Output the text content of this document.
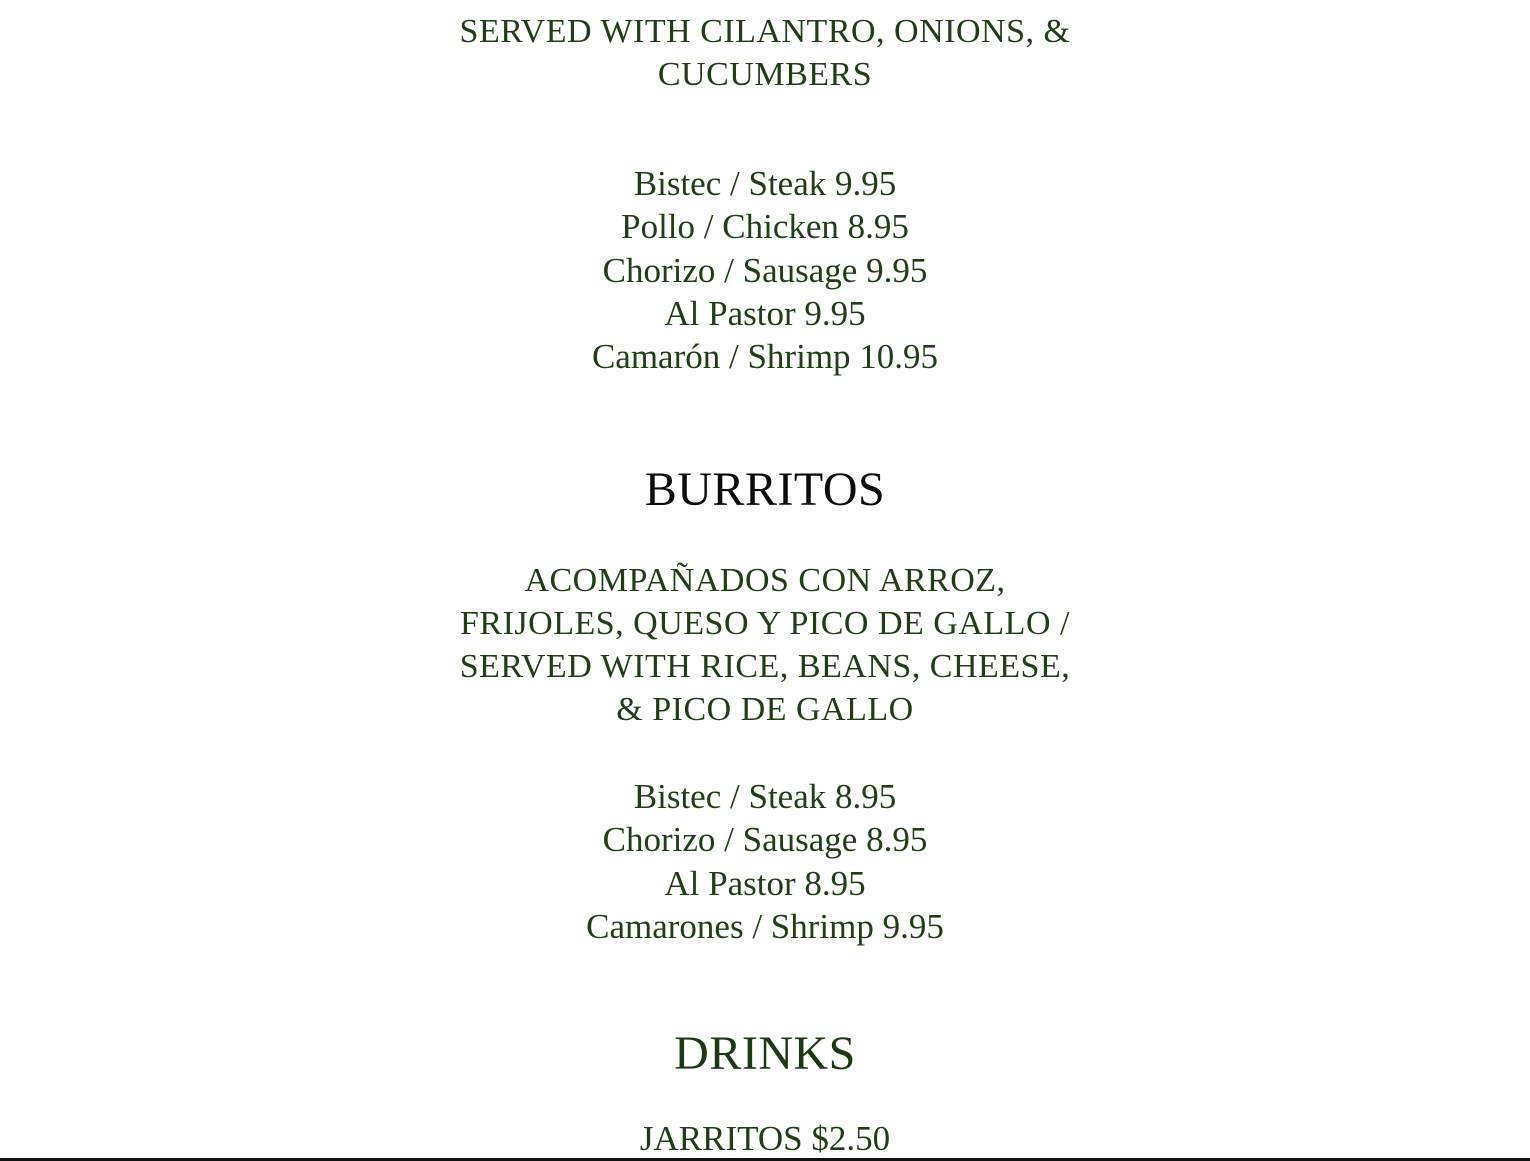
SERVED WITH CILANTRO, ONIONS, &
CUCUMBERS
Bistec / Steak 9.95
Pollo / Chicken 8.95
Chorizo / Sausage 9.95
Al Pastor 9.95
Camarón / Shrimp 10.95
BURRITOS
ACOMPAÑADOS CON ARROZ,
FRIJOLES, QUESO Y PICO DE GALLO /
SERVED WITH RICE, BEANS, CHEESE,
& PICO DE GALLO
Bistec / Steak 8.95
Chorizo / Sausage 8.95
Al Pastor 8.95
Camarones / Shrimp 9.95
DRINKS
JARRITOS $2.50
